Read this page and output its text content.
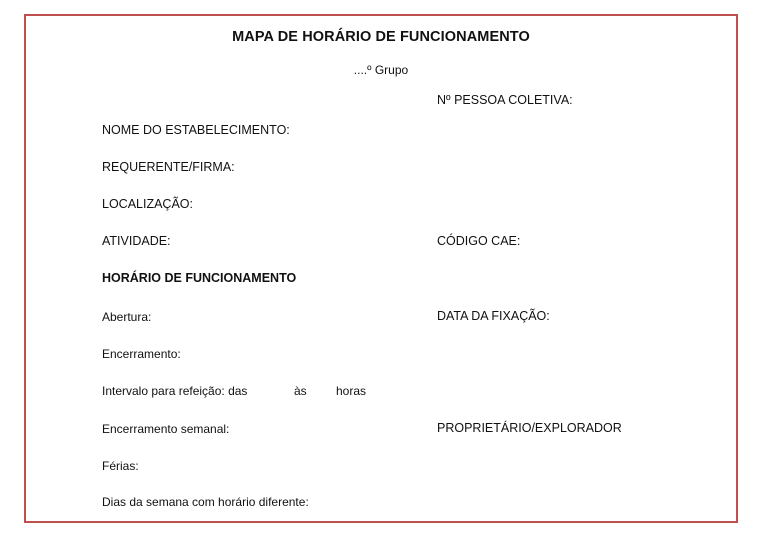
MAPA DE HORÁRIO DE FUNCIONAMENTO
....º Grupo
Nº PESSOA COLETIVA:
NOME DO ESTABELECIMENTO:
REQUERENTE/FIRMA:
LOCALIZAÇÃO:
ATIVIDADE:	CÓDIGO CAE:
HORÁRIO DE FUNCIONAMENTO
Abertura:	DATA DA FIXAÇÃO:
Encerramento:
Intervalo para refeição: das	às horas
Encerramento semanal:	PROPRIETÁRIO/EXPLORADOR
Férias:
Dias da semana com horário diferente:
